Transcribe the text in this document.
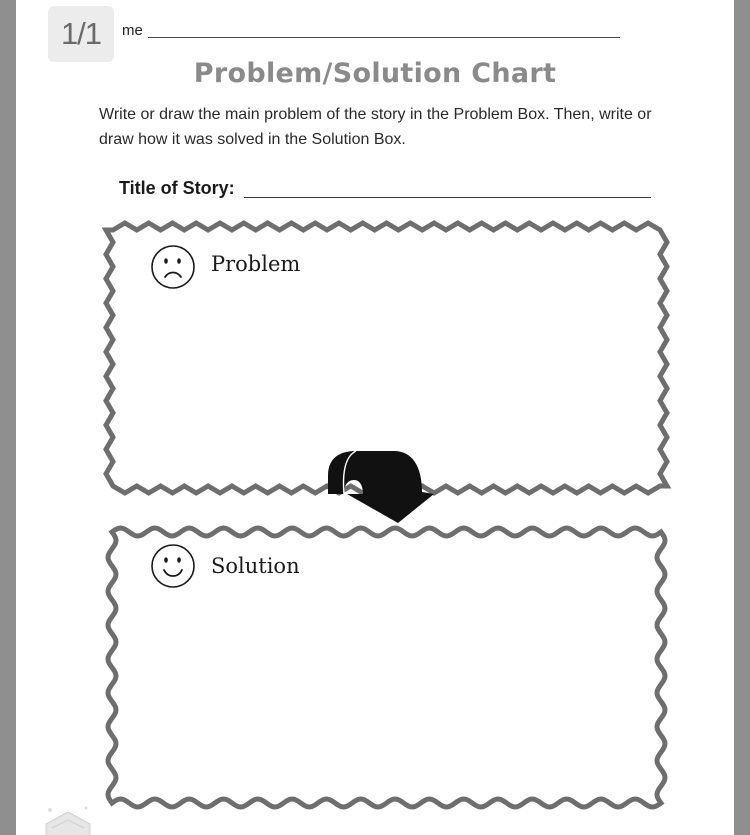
1/1	me
Problem/Solution Chart
Write or draw the main problem of the story in the Problem Box. Then, write or draw how it was solved in the Solution Box.
Title of Story:
Problem
Solution
